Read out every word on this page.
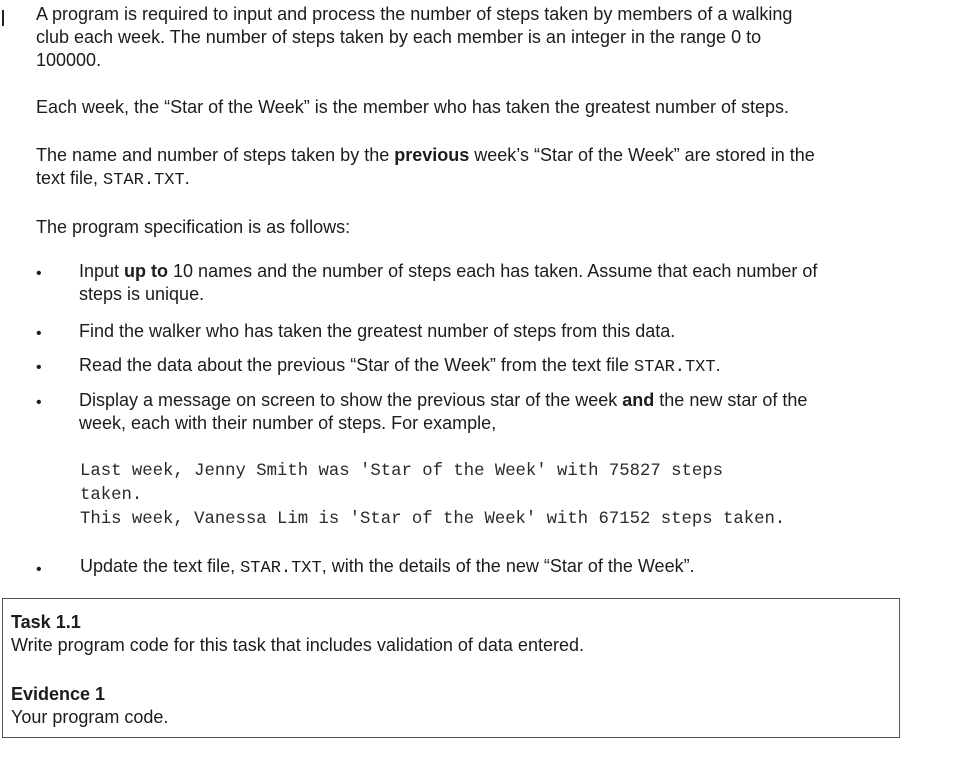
A program is required to input and process the number of steps taken by members of a walking
club each week. The number of steps taken by each member is an integer in the range 0 to
100000.

Each week, the “Star of the Week” is the member who has taken the greatest number of steps.

The name and number of steps taken by the previous week’s “Star of the Week” are stored in the
text file, STAR.TXT.

The program specification is as follows:

• Input up to 10 names and the number of steps each has taken. Assume that each number of
steps is unique.

• Find the walker who has taken the greatest number of steps from this data.

• Read the data about the previous “Star of the Week” from the text file STAR.TXT.

• Display a message on screen to show the previous star of the week and the new star of the
week, each with their number of steps. For example,

Last week, Jenny Smith was 'Star of the Week' with 75827 steps
taken.
This week, Vanessa Lim is 'Star of the Week' with 67152 steps taken.
• Update the text file, STAR.TXT, with the details of the new “Star of the Week”.

Task 1.1

Write program code for this task that includes validation of data entered.

Evidence 1

Your program code.
